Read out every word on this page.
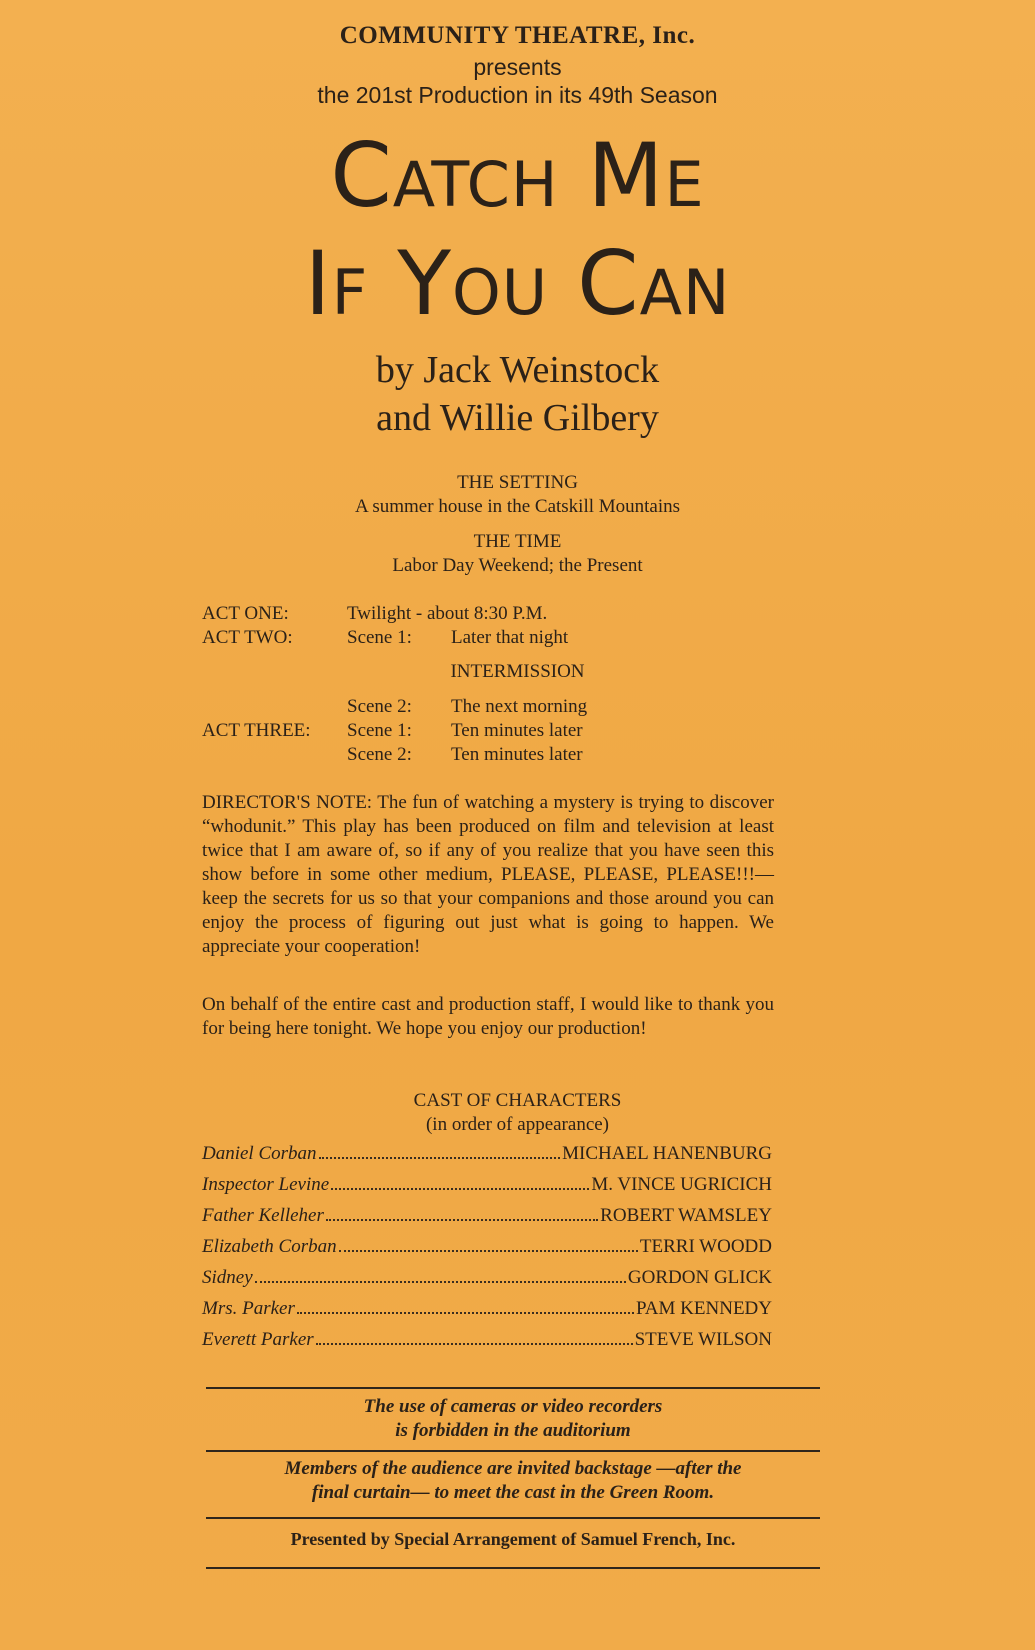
COMMUNITY THEATRE, Inc.
presents
the 201st Production in its 49th Season
Catch Me
If You Can
by Jack Weinstock
and Willie Gilbery
THE SETTING
A summer house in the Catskill Mountains
THE TIME
Labor Day Weekend; the Present
ACT ONE:	Twilight - about 8:30 P.M.
ACT TWO:	Scene 1: Later that night
INTERMISSION
Scene 2: The next morning
ACT THREE: Scene 1: Ten minutes later
Scene 2: Ten minutes later
DIRECTOR'S NOTE: The fun of watching a mystery is trying to discover “whodunit.” This play has been produced on film and television at least twice that I am aware of, so if any of you realize that you have seen this show before in some other medium, PLEASE, PLEASE, PLEASE!!!—keep the secrets for us so that your companions and those around you can enjoy the process of figuring out just what is going to happen. We appreciate your cooperation!
On behalf of the entire cast and production staff, I would like to thank you for being here tonight. We hope you enjoy our production!
CAST OF CHARACTERS
(in order of appearance)
Daniel Corban	MICHAEL HANENBURG
Inspector Levine	M. VINCE UGRICICH
Father Kelleher	ROBERT WAMSLEY
Elizabeth Corban	TERRI WOODD
Sidney	GORDON GLICK
Mrs. Parker	PAM KENNEDY
Everett Parker	STEVE WILSON
The use of cameras or video recorders
is forbidden in the auditorium
Members of the audience are invited backstage —after the
final curtain— to meet the cast in the Green Room.
Presented by Special Arrangement of Samuel French, Inc.
